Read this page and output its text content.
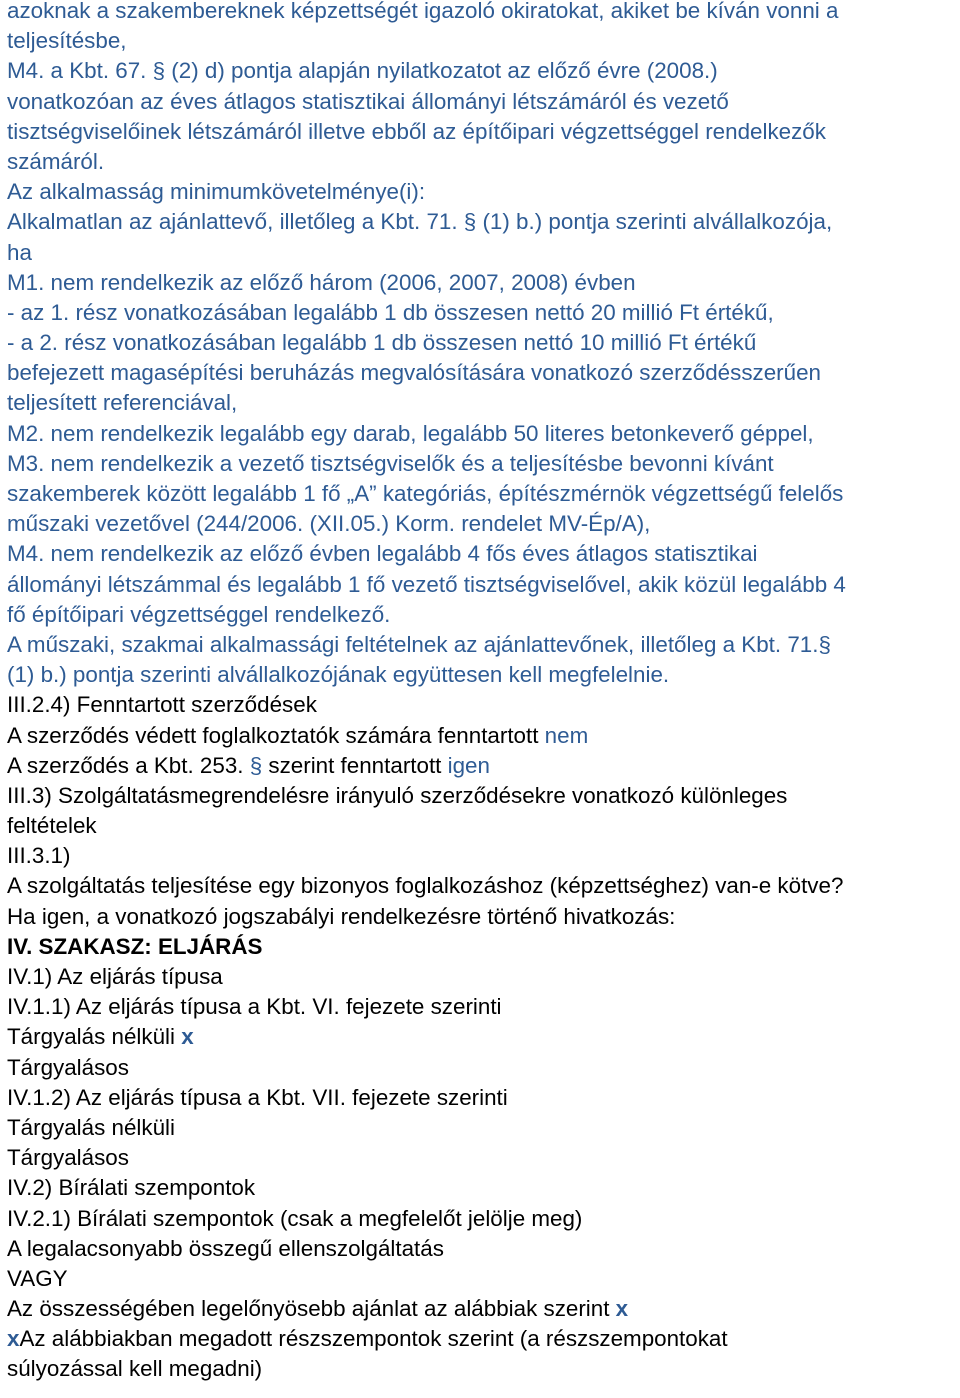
azoknak a szakembereknek képzettségét igazoló okiratokat, akiket be kíván vonni a
teljesítésbe,
M4. a Kbt. 67. § (2) d) pontja alapján nyilatkozatot az előző évre (2008.)
vonatkozóan az éves átlagos statisztikai állományi létszámáról és vezető
tisztségviselőinek létszámáról illetve ebből az építőipari végzettséggel rendelkezők
számáról.
Az alkalmasság minimumkövetelménye(i):
Alkalmatlan az ajánlattevő, illetőleg a Kbt. 71. § (1) b.) pontja szerinti alvállalkozója,
ha
M1. nem rendelkezik az előző három (2006, 2007, 2008) évben
- az 1. rész vonatkozásában legalább 1 db összesen nettó 20 millió Ft értékű,
- a 2. rész vonatkozásában legalább 1 db összesen nettó 10 millió Ft értékű
befejezett magasépítési beruházás megvalósítására vonatkozó szerződésszerűen
teljesített referenciával,
M2. nem rendelkezik legalább egy darab, legalább 50 literes betonkeverő géppel,
M3. nem rendelkezik a vezető tisztségviselők és a teljesítésbe bevonni kívánt
szakemberek között legalább 1 fő „A” kategóriás, építészmérnök végzettségű felelős
műszaki vezetővel (244/2006. (XII.05.) Korm. rendelet MV-Ép/A),
M4. nem rendelkezik az előző évben legalább 4 fős éves átlagos statisztikai
állományi létszámmal és legalább 1 fő vezető tisztségviselővel, akik közül legalább 4
fő építőipari végzettséggel rendelkező.
A műszaki, szakmai alkalmassági feltételnek az ajánlattevőnek, illetőleg a Kbt. 71.§
(1) b.) pontja szerinti alvállalkozójának együttesen kell megfelelnie.
III.2.4) Fenntartott szerződések
A szerződés védett foglalkoztatók számára fenntartott nem
A szerződés a Kbt. 253. § szerint fenntartott igen
III.3) Szolgáltatásmegrendelésre irányuló szerződésekre vonatkozó különleges
feltételek
III.3.1)
A szolgáltatás teljesítése egy bizonyos foglalkozáshoz (képzettséghez) van-e kötve?
Ha igen, a vonatkozó jogszabályi rendelkezésre történő hivatkozás:
IV. SZAKASZ: ELJÁRÁS
IV.1) Az eljárás típusa
IV.1.1) Az eljárás típusa a Kbt. VI. fejezete szerinti
Tárgyalás nélküli x
Tárgyalásos
IV.1.2) Az eljárás típusa a Kbt. VII. fejezete szerinti
Tárgyalás nélküli
Tárgyalásos
IV.2) Bírálati szempontok
IV.2.1) Bírálati szempontok (csak a megfelelőt jelölje meg)
A legalacsonyabb összegű ellenszolgáltatás
VAGY
Az összességében legelőnyösebb ajánlat az alábbiak szerint x
xAz alábbiakban megadott részszempontok szerint (a részszempontokat
súlyozással kell megadni)
